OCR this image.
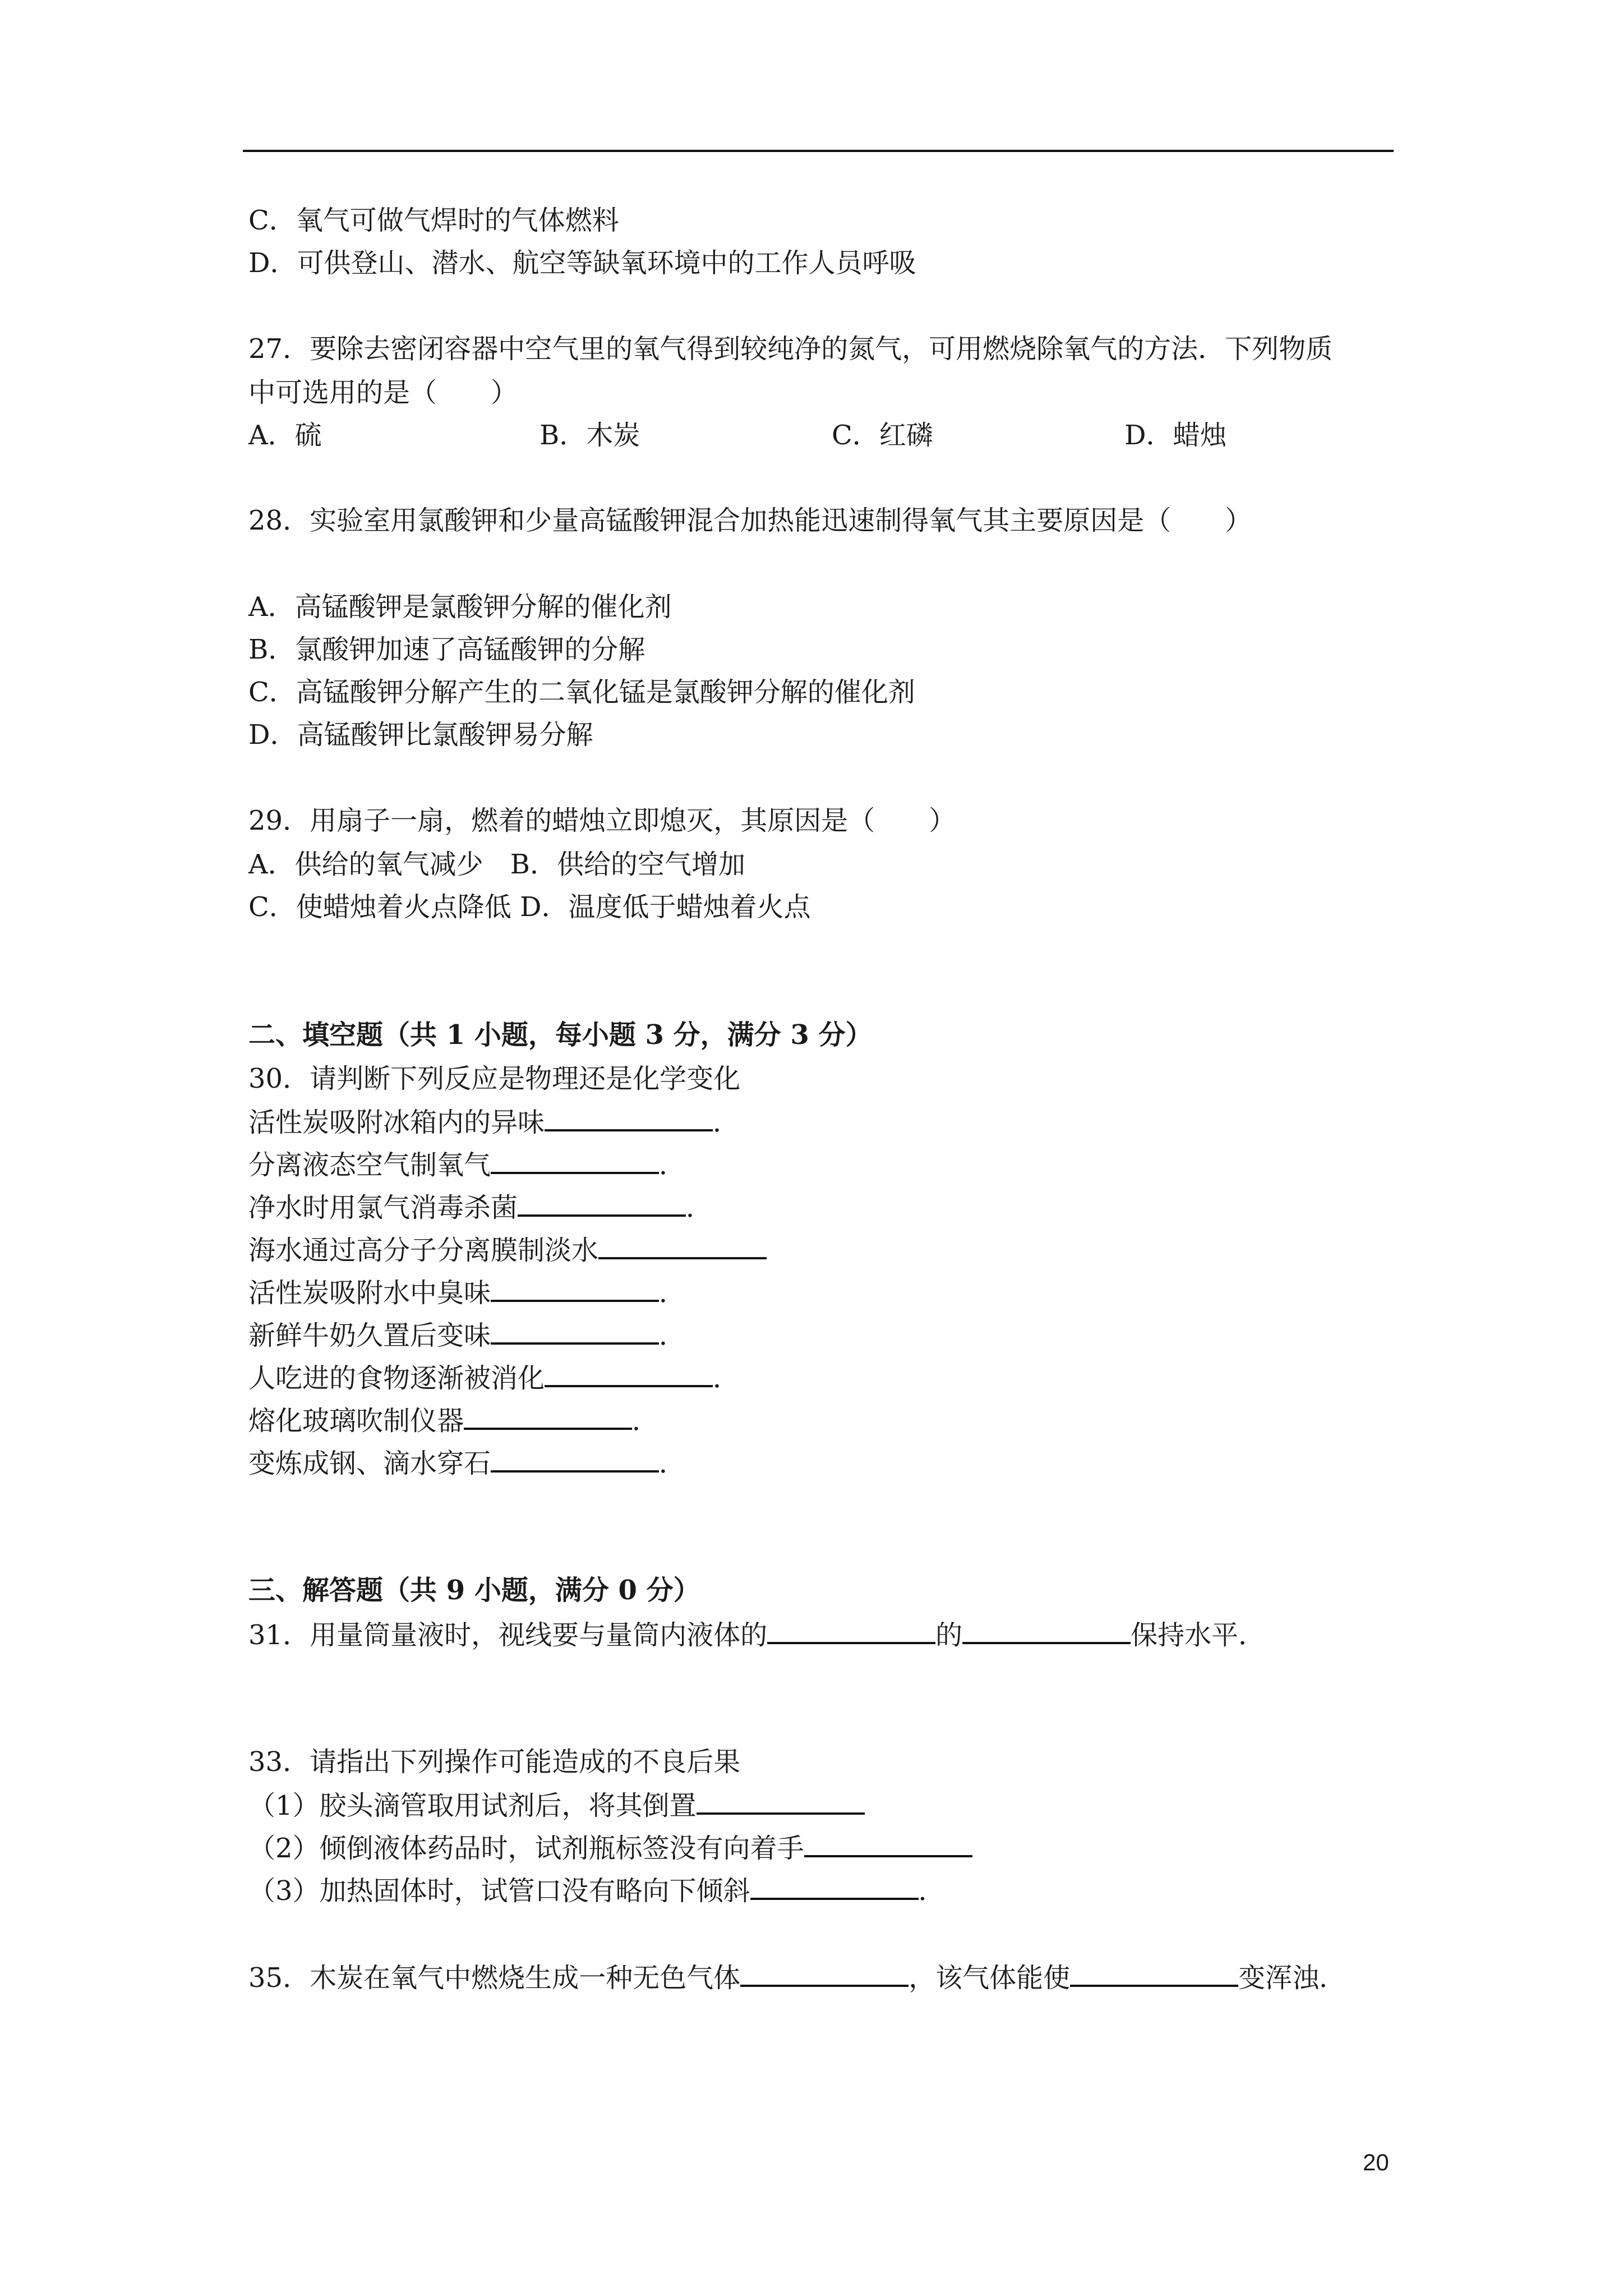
C．氧气可做气焊时的气体燃料
D．可供登山、潜水、航空等缺氧环境中的工作人员呼吸
27．要除去密闭容器中空气里的氧气得到较纯净的氮气，可用燃烧除氧气的方法．下列物质
中可选用的是（　　）
A．硫	B．木炭	C．红磷	D．蜡烛
28．实验室用氯酸钾和少量高锰酸钾混合加热能迅速制得氧气其主要原因是（　　）
A．高锰酸钾是氯酸钾分解的催化剂
B．氯酸钾加速了高锰酸钾的分解
C．高锰酸钾分解产生的二氧化锰是氯酸钾分解的催化剂
D．高锰酸钾比氯酸钾易分解
29．用扇子一扇，燃着的蜡烛立即熄灭，其原因是（　　）
A．供给的氧气减少　B．供给的空气增加
C．使蜡烛着火点降低 D．温度低于蜡烛着火点
二、填空题（共 1 小题，每小题 3 分，满分 3 分）
30．请判断下列反应是物理还是化学变化
活性炭吸附冰箱内的异味	．
分离液态空气制氧气	．
净水时用氯气消毒杀菌	．
海水通过高分子分离膜制淡水
活性炭吸附水中臭味	．
新鲜牛奶久置后变味	．
人吃进的食物逐渐被消化	．
熔化玻璃吹制仪器	．
变炼成钢、滴水穿石	．
三、解答题（共 9 小题，满分 0 分）
31．用量筒量液时，视线要与量筒内液体的	的	保持水平．
33．请指出下列操作可能造成的不良后果
（1）胶头滴管取用试剂后，将其倒置
（2）倾倒液体药品时，试剂瓶标签没有向着手
（3）加热固体时，试管口没有略向下倾斜	．
35．木炭在氧气中燃烧生成一种无色气体	，该气体能使	变浑浊．
20
